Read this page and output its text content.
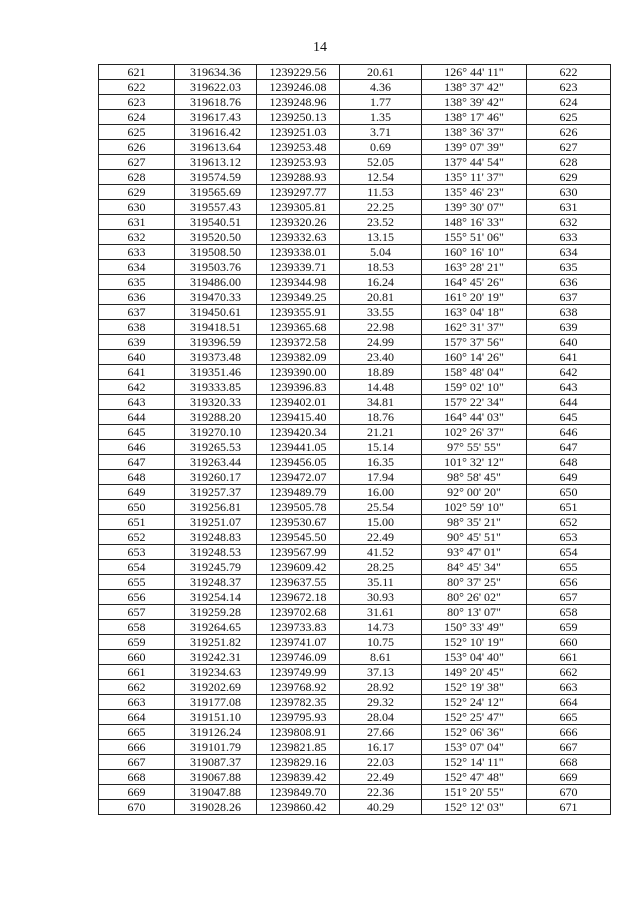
14
621	319634.36	1239229.56	20.61	126° 44' 11"	622
622	319622.03	1239246.08	4.36	138° 37' 42"	623
623	319618.76	1239248.96	1.77	138° 39' 42"	624
624	319617.43	1239250.13	1.35	138° 17' 46"	625
625	319616.42	1239251.03	3.71	138° 36' 37"	626
626	319613.64	1239253.48	0.69	139° 07' 39"	627
627	319613.12	1239253.93	52.05	137° 44' 54"	628
628	319574.59	1239288.93	12.54	135° 11' 37"	629
629	319565.69	1239297.77	11.53	135° 46' 23"	630
630	319557.43	1239305.81	22.25	139° 30' 07"	631
631	319540.51	1239320.26	23.52	148° 16' 33"	632
632	319520.50	1239332.63	13.15	155° 51' 06"	633
633	319508.50	1239338.01	5.04	160° 16' 10"	634
634	319503.76	1239339.71	18.53	163° 28' 21"	635
635	319486.00	1239344.98	16.24	164° 45' 26"	636
636	319470.33	1239349.25	20.81	161° 20' 19"	637
637	319450.61	1239355.91	33.55	163° 04' 18"	638
638	319418.51	1239365.68	22.98	162° 31' 37"	639
639	319396.59	1239372.58	24.99	157° 37' 56"	640
640	319373.48	1239382.09	23.40	160° 14' 26"	641
641	319351.46	1239390.00	18.89	158° 48' 04"	642
642	319333.85	1239396.83	14.48	159° 02' 10"	643
643	319320.33	1239402.01	34.81	157° 22' 34"	644
644	319288.20	1239415.40	18.76	164° 44' 03"	645
645	319270.10	1239420.34	21.21	102° 26' 37"	646
646	319265.53	1239441.05	15.14	97° 55' 55"	647
647	319263.44	1239456.05	16.35	101° 32' 12"	648
648	319260.17	1239472.07	17.94	98° 58' 45"	649
649	319257.37	1239489.79	16.00	92° 00' 20"	650
650	319256.81	1239505.78	25.54	102° 59' 10"	651
651	319251.07	1239530.67	15.00	98° 35' 21"	652
652	319248.83	1239545.50	22.49	90° 45' 51"	653
653	319248.53	1239567.99	41.52	93° 47' 01"	654
654	319245.79	1239609.42	28.25	84° 45' 34"	655
655	319248.37	1239637.55	35.11	80° 37' 25"	656
656	319254.14	1239672.18	30.93	80° 26' 02"	657
657	319259.28	1239702.68	31.61	80° 13' 07"	658
658	319264.65	1239733.83	14.73	150° 33' 49"	659
659	319251.82	1239741.07	10.75	152° 10' 19"	660
660	319242.31	1239746.09	8.61	153° 04' 40"	661
661	319234.63	1239749.99	37.13	149° 20' 45"	662
662	319202.69	1239768.92	28.92	152° 19' 38"	663
663	319177.08	1239782.35	29.32	152° 24' 12"	664
664	319151.10	1239795.93	28.04	152° 25' 47"	665
665	319126.24	1239808.91	27.66	152° 06' 36"	666
666	319101.79	1239821.85	16.17	153° 07' 04"	667
667	319087.37	1239829.16	22.03	152° 14' 11"	668
668	319067.88	1239839.42	22.49	152° 47' 48"	669
669	319047.88	1239849.70	22.36	151° 20' 55"	670
670	319028.26	1239860.42	40.29	152° 12' 03"	671
